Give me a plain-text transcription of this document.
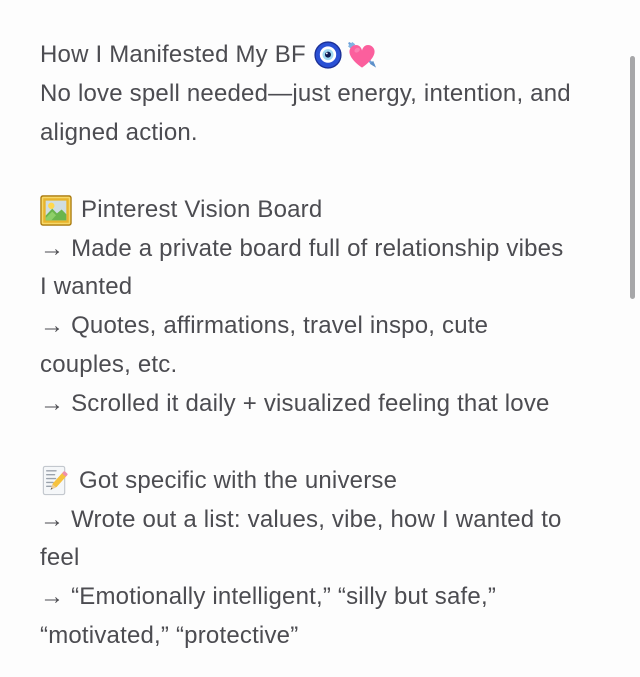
How I Manifested My BF
No love spell needed—just energy, intention, and
aligned action.
Pinterest Vision Board
→ Made a private board full of relationship vibes
I wanted
→ Quotes, affirmations, travel inspo, cute
couples, etc.
→ Scrolled it daily + visualized feeling that love
Got specific with the universe
→ Wrote out a list: values, vibe, how I wanted to
feel
→ “Emotionally intelligent,” “silly but safe,”
“motivated,” “protective”
